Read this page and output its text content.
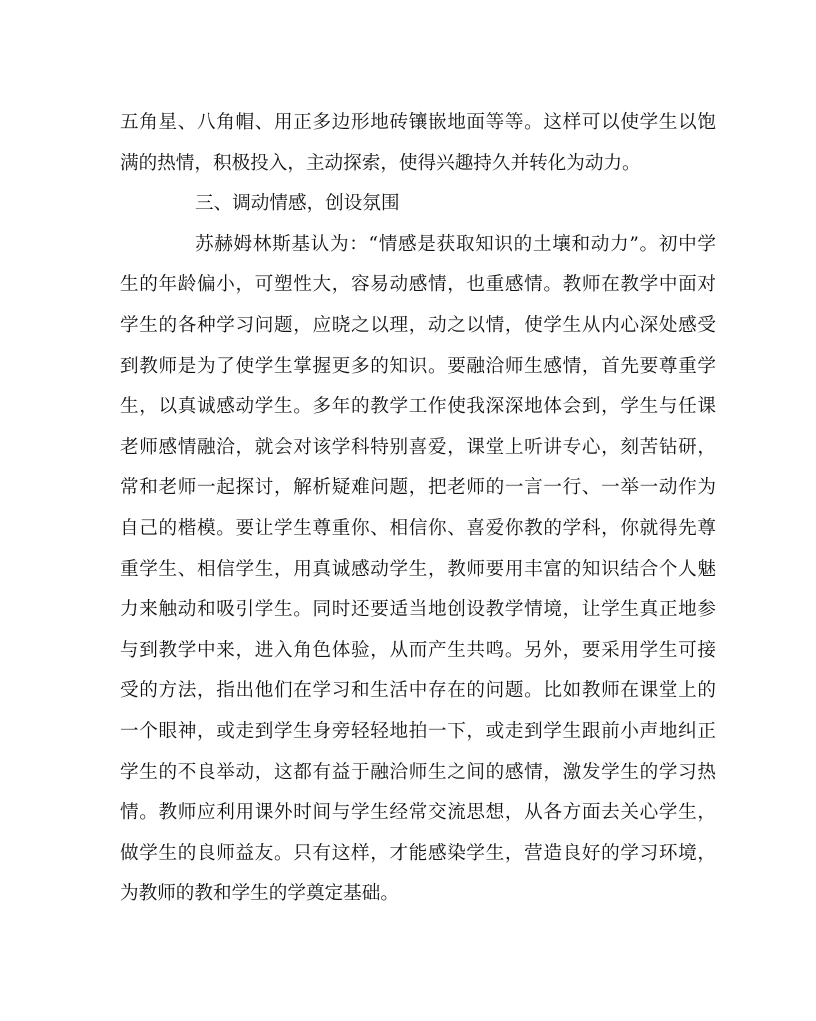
五角星、八角帽、用正多边形地砖镶嵌地面等等。这样可以使学生以饱
满的热情，积极投入，主动探索，使得兴趣持久并转化为动力。
三、调动情感，创设氛围
苏赫姆林斯基认为：“情感是获取知识的土壤和动力”。初中学
生的年龄偏小，可塑性大，容易动感情，也重感情。教师在教学中面对
学生的各种学习问题，应晓之以理，动之以情，使学生从内心深处感受
到教师是为了使学生掌握更多的知识。要融洽师生感情，首先要尊重学
生，以真诚感动学生。多年的教学工作使我深深地体会到，学生与任课
老师感情融洽，就会对该学科特别喜爱，课堂上听讲专心，刻苦钻研，
常和老师一起探讨，解析疑难问题，把老师的一言一行、一举一动作为
自己的楷模。要让学生尊重你、相信你、喜爱你教的学科，你就得先尊
重学生、相信学生，用真诚感动学生，教师要用丰富的知识结合个人魅
力来触动和吸引学生。同时还要适当地创设教学情境，让学生真正地参
与到教学中来，进入角色体验，从而产生共鸣。另外，要采用学生可接
受的方法，指出他们在学习和生活中存在的问题。比如教师在课堂上的
一个眼神，或走到学生身旁轻轻地拍一下，或走到学生跟前小声地纠正
学生的不良举动，这都有益于融洽师生之间的感情，激发学生的学习热
情。教师应利用课外时间与学生经常交流思想，从各方面去关心学生，
做学生的良师益友。只有这样，才能感染学生，营造良好的学习环境，
为教师的教和学生的学奠定基础。
